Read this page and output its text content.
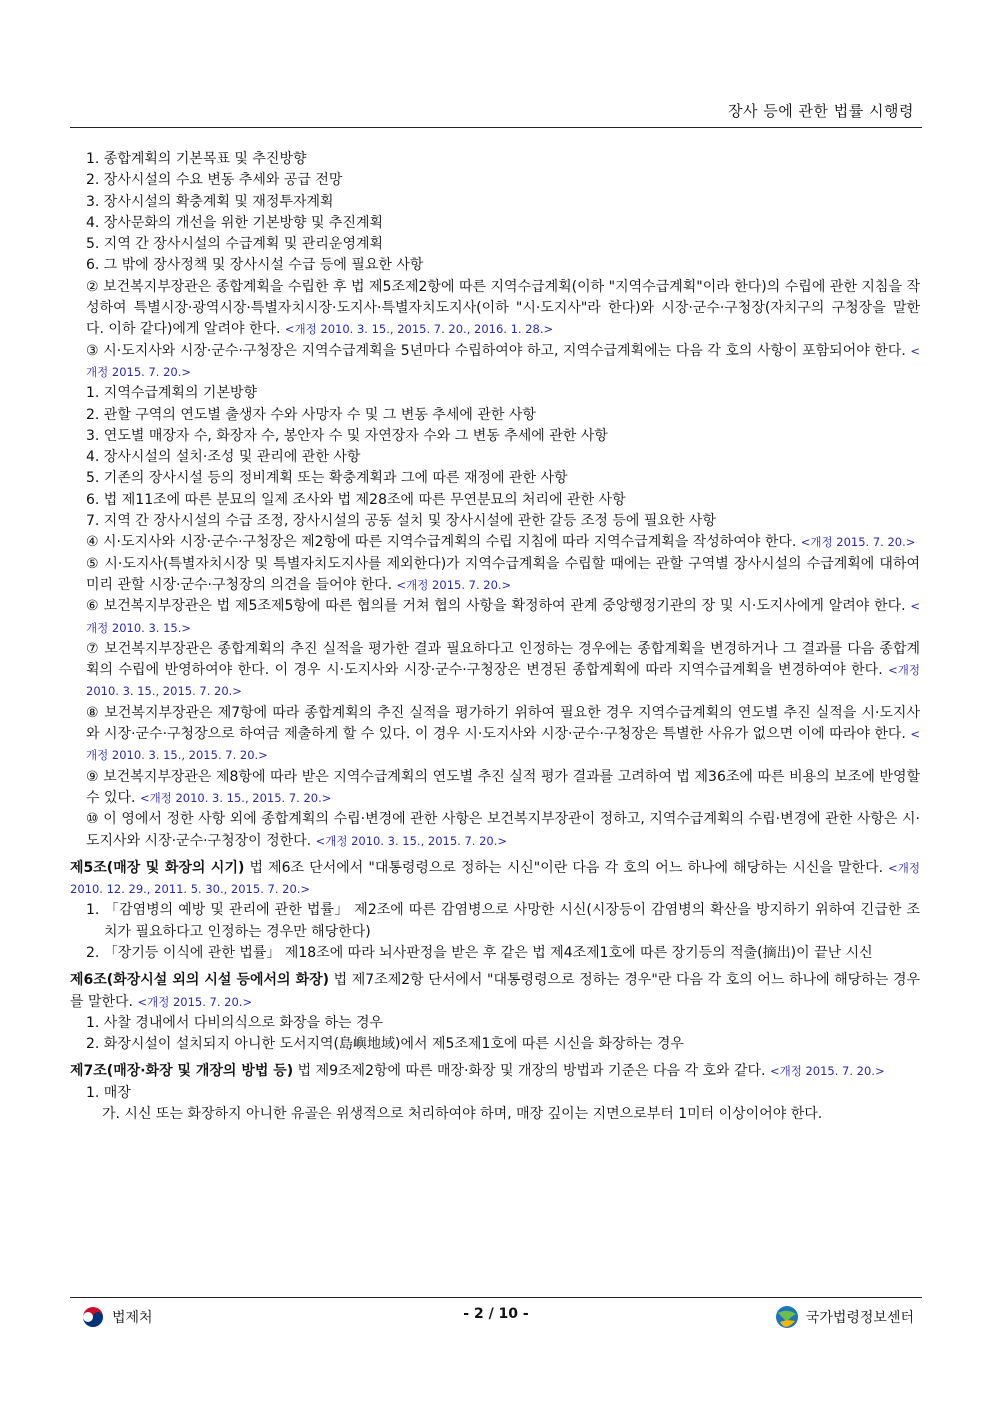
장사 등에 관한 법률 시행령

1. 종합계획의 기본목표 및 추진방향

2. 장사시설의 수요 변동 추세와 공급 전망

3. 장사시설의 확충계획 및 재정투자계획

4. 장사문화의 개선을 위한 기본방향 및 추진계획

5. 지역 간 장사시설의 수급계획 및 관리운영계획

6. 그 밖에 장사정책 및 장사시설 수급 등에 필요한 사항

② 보건복지부장관은 종합계획을 수립한 후 법 제5조제2항에 따른 지역수급계획(이하 "지역수급계획"이라 한다)의 수립에 관한 지침을 작성하여 특별시장·광역시장·특별자치시장·도지사·특별자치도지사(이하 "시·도지사"라 한다)와 시장·군수·구청장(자치구의 구청장을 말한다. 이하 같다)에게 알려야 한다. <개정 2010. 3. 15., 2015. 7. 20., 2016. 1. 28.>

③ 시·도지사와 시장·군수·구청장은 지역수급계획을 5년마다 수립하여야 하고, 지역수급계획에는 다음 각 호의 사항이 포함되어야 한다. <개정 2015. 7. 20.>

1. 지역수급계획의 기본방향

2. 관할 구역의 연도별 출생자 수와 사망자 수 및 그 변동 추세에 관한 사항

3. 연도별 매장자 수, 화장자 수, 봉안자 수 및 자연장자 수와 그 변동 추세에 관한 사항

4. 장사시설의 설치·조성 및 관리에 관한 사항

5. 기존의 장사시설 등의 정비계획 또는 확충계획과 그에 따른 재정에 관한 사항

6. 법 제11조에 따른 분묘의 일제 조사와 법 제28조에 따른 무연분묘의 처리에 관한 사항

7. 지역 간 장사시설의 수급 조정, 장사시설의 공동 설치 및 장사시설에 관한 갈등 조정 등에 필요한 사항

④ 시·도지사와 시장·군수·구청장은 제2항에 따른 지역수급계획의 수립 지침에 따라 지역수급계획을 작성하여야 한다. <개정 2015. 7. 20.>

⑤ 시·도지사(특별자치시장 및 특별자치도지사를 제외한다)가 지역수급계획을 수립할 때에는 관할 구역별 장사시설의 수급계획에 대하여 미리 관할 시장·군수·구청장의 의견을 들어야 한다. <개정 2015. 7. 20.>

⑥ 보건복지부장관은 법 제5조제5항에 따른 협의를 거쳐 협의 사항을 확정하여 관계 중앙행정기관의 장 및 시·도지사에게 알려야 한다. <개정 2010. 3. 15.>

⑦ 보건복지부장관은 종합계획의 추진 실적을 평가한 결과 필요하다고 인정하는 경우에는 종합계획을 변경하거나 그 결과를 다음 종합계획의 수립에 반영하여야 한다. 이 경우 시·도지사와 시장·군수·구청장은 변경된 종합계획에 따라 지역수급계획을 변경하여야 한다. <개정 2010. 3. 15., 2015. 7. 20.>

⑧ 보건복지부장관은 제7항에 따라 종합계획의 추진 실적을 평가하기 위하여 필요한 경우 지역수급계획의 연도별 추진 실적을 시·도지사와 시장·군수·구청장으로 하여금 제출하게 할 수 있다. 이 경우 시·도지사와 시장·군수·구청장은 특별한 사유가 없으면 이에 따라야 한다. <개정 2010. 3. 15., 2015. 7. 20.>

⑨ 보건복지부장관은 제8항에 따라 받은 지역수급계획의 연도별 추진 실적 평가 결과를 고려하여 법 제36조에 따른 비용의 보조에 반영할 수 있다. <개정 2010. 3. 15., 2015. 7. 20.>

⑩ 이 영에서 정한 사항 외에 종합계획의 수립·변경에 관한 사항은 보건복지부장관이 정하고, 지역수급계획의 수립·변경에 관한 사항은 시·도지사와 시장·군수·구청장이 정한다. <개정 2010. 3. 15., 2015. 7. 20.>

제5조(매장 및 화장의 시기) 법 제6조 단서에서 "대통령령으로 정하는 시신"이란 다음 각 호의 어느 하나에 해당하는 시신을 말한다. <개정 2010. 12. 29., 2011. 5. 30., 2015. 7. 20.>

1. 「감염병의 예방 및 관리에 관한 법률」 제2조에 따른 감염병으로 사망한 시신(시장등이 감염병의 확산을 방지하기 위하여 긴급한 조치가 필요하다고 인정하는 경우만 해당한다)

2. 「장기등 이식에 관한 법률」 제18조에 따라 뇌사판정을 받은 후 같은 법 제4조제1호에 따른 장기등의 적출(摘出)이 끝난 시신

제6조(화장시설 외의 시설 등에서의 화장) 법 제7조제2항 단서에서 "대통령령으로 정하는 경우"란 다음 각 호의 어느 하나에 해당하는 경우를 말한다. <개정 2015. 7. 20.>

1. 사찰 경내에서 다비의식으로 화장을 하는 경우

2. 화장시설이 설치되지 아니한 도서지역(島嶼地域)에서 제5조제1호에 따른 시신을 화장하는 경우

제7조(매장·화장 및 개장의 방법 등) 법 제9조제2항에 따른 매장·화장 및 개장의 방법과 기준은 다음 각 호와 같다. <개정 2015. 7. 20.>

1. 매장

가. 시신 또는 화장하지 아니한 유골은 위생적으로 처리하여야 하며, 매장 깊이는 지면으로부터 1미터 이상이어야 한다.

법제처	- 2 / 10 -	국가법령정보센터
